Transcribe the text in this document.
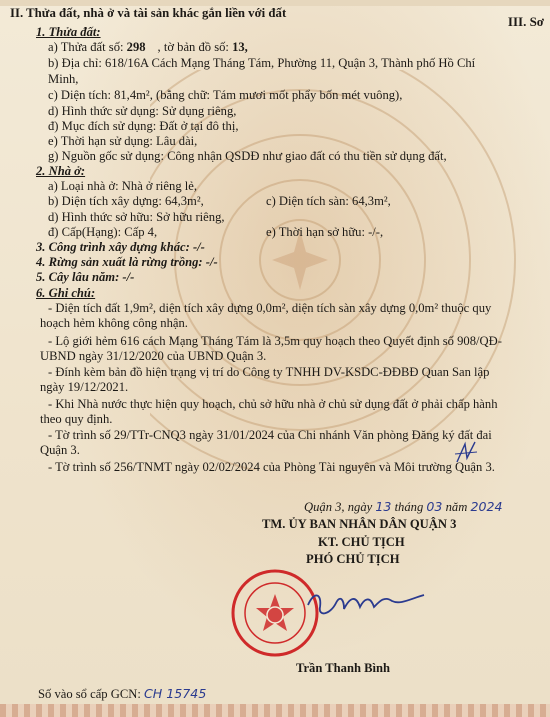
III. Sơ
II. Thửa đất, nhà ở và tài sản khác gắn liền với đất
1. Thửa đất:
a) Thửa đất số: 298 , tờ bản đồ số: 13,
b) Địa chỉ: 618/16A Cách Mạng Tháng Tám, Phường 11, Quận 3, Thành phố Hồ Chí
Minh,
c) Diện tích: 81,4m², (bằng chữ: Tám mươi mốt phẩy bốn mét vuông),
d) Hình thức sử dụng: Sử dụng riêng,
đ) Mục đích sử dụng: Đất ở tại đô thị,
e) Thời hạn sử dụng: Lâu dài,
g) Nguồn gốc sử dụng: Công nhận QSDĐ như giao đất có thu tiền sử dụng đất,
2. Nhà ở:
a) Loại nhà ở: Nhà ở riêng lẻ,
b) Diện tích xây dựng: 64,3m²,	c) Diện tích sàn: 64,3m²,
d) Hình thức sở hữu: Sở hữu riêng,
đ) Cấp(Hạng): Cấp 4,	e) Thời hạn sở hữu: -/-,
3. Công trình xây dựng khác: -/-
4. Rừng sản xuất là rừng trồng: -/-
5. Cây lâu năm: -/-
6. Ghi chú:
- Diện tích đất 1,9m², diện tích xây dựng 0,0m², diện tích sàn xây dựng 0,0m² thuộc quy
hoạch hẻm không công nhận.
- Lộ giới hẻm 616 cách Mạng Tháng Tám là 3,5m quy hoạch theo Quyết định số 908/QĐ-
UBND ngày 31/12/2020 của UBND Quận 3.
- Đính kèm bản đồ hiện trạng vị trí do Công ty TNHH DV-KSDC-ĐĐBĐ Quan San lập
ngày 19/12/2021.
- Khi Nhà nước thực hiện quy hoạch, chủ sở hữu nhà ở chủ sử dụng đất ở phải chấp hành
theo quy định.
- Tờ trình số 29/TTr-CNQ3 ngày 31/01/2024 của Chi nhánh Văn phòng Đăng ký đất đai
Quận 3.
- Tờ trình số 256/TNMT ngày 02/02/2024 của Phòng Tài nguyên và Môi trường Quận 3.
Quận 3, ngày 13 tháng 03 năm 2024
TM. ỦY BAN NHÂN DÂN QUẬN 3
KT. CHỦ TỊCH
PHÓ CHỦ TỊCH
Trần Thanh Bình
Số vào sổ cấp GCN: CH 15745
